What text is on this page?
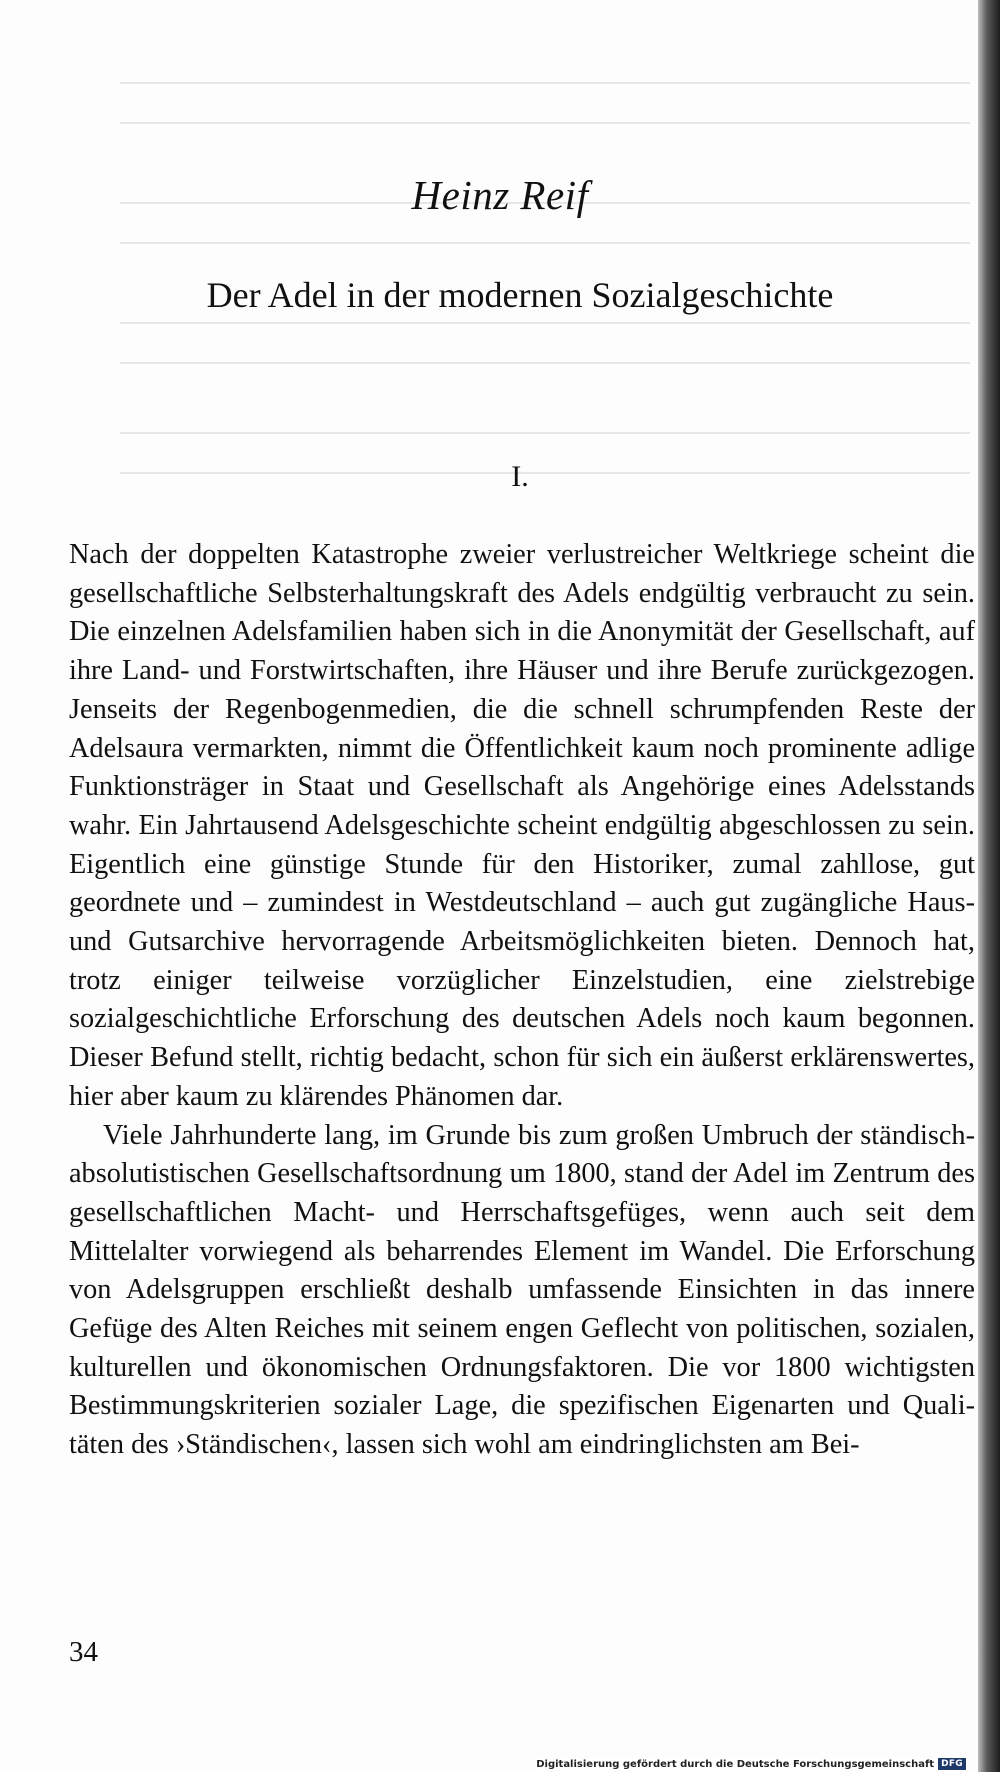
Heinz Reif
Der Adel in der modernen Sozialgeschichte
I.

Nach der doppelten Katastrophe zweier verlustreicher Weltkriege scheint die gesellschaftliche Selbsterhaltungskraft des Adels endgültig verbraucht zu sein. Die einzelnen Adelsfamilien haben sich in die Anonymität der Gesellschaft, auf ihre Land- und Forstwirtschaften, ihre Häuser und ihre Berufe zurückgezogen. Jenseits der Regenbogenmedien, die die schnell schrumpfenden Reste der Adelsaura vermarkten, nimmt die Öffentlichkeit kaum noch prominente adlige Funktionsträger in Staat und Gesellschaft als Angehörige eines Adelsstands wahr. Ein Jahrtausend Adelsgeschichte scheint endgültig abgeschlossen zu sein. Eigentlich eine günstige Stunde für den Historiker, zumal zahllose, gut geordnete und – zumindest in Westdeutschland – auch gut zugängliche Haus- und Gutsarchive hervorragende Arbeitsmöglichkeiten bieten. Dennoch hat, trotz einiger teilweise vorzüglicher Einzelstudien, eine zielstrebige sozialgeschichtliche Erforschung des deutschen Adels noch kaum begonnen. Dieser Befund stellt, richtig bedacht, schon für sich ein äußerst erklärenswertes, hier aber kaum zu klärendes Phänomen dar.

Viele Jahrhunderte lang, im Grunde bis zum großen Umbruch der ständisch-absolutistischen Gesellschaftsordnung um 1800, stand der Adel im Zentrum des gesellschaftlichen Macht- und Herrschaftsgefüges, wenn auch seit dem Mittelalter vorwiegend als beharrendes Element im Wandel. Die Erforschung von Adelsgruppen erschließt deshalb umfassende Einsichten in das innere Gefüge des Alten Reiches mit seinem engen Geflecht von politischen, sozialen, kulturellen und ökonomischen Ordnungsfaktoren. Die vor 1800 wichtigsten Bestimmungskriterien sozialer Lage, die spezifischen Eigenarten und Qualitäten des ›Ständischen‹, lassen sich wohl am eindringlichsten am Bei-

34
Digitalisierung gefördert durch die Deutsche Forschungsgemeinschaft DFG
